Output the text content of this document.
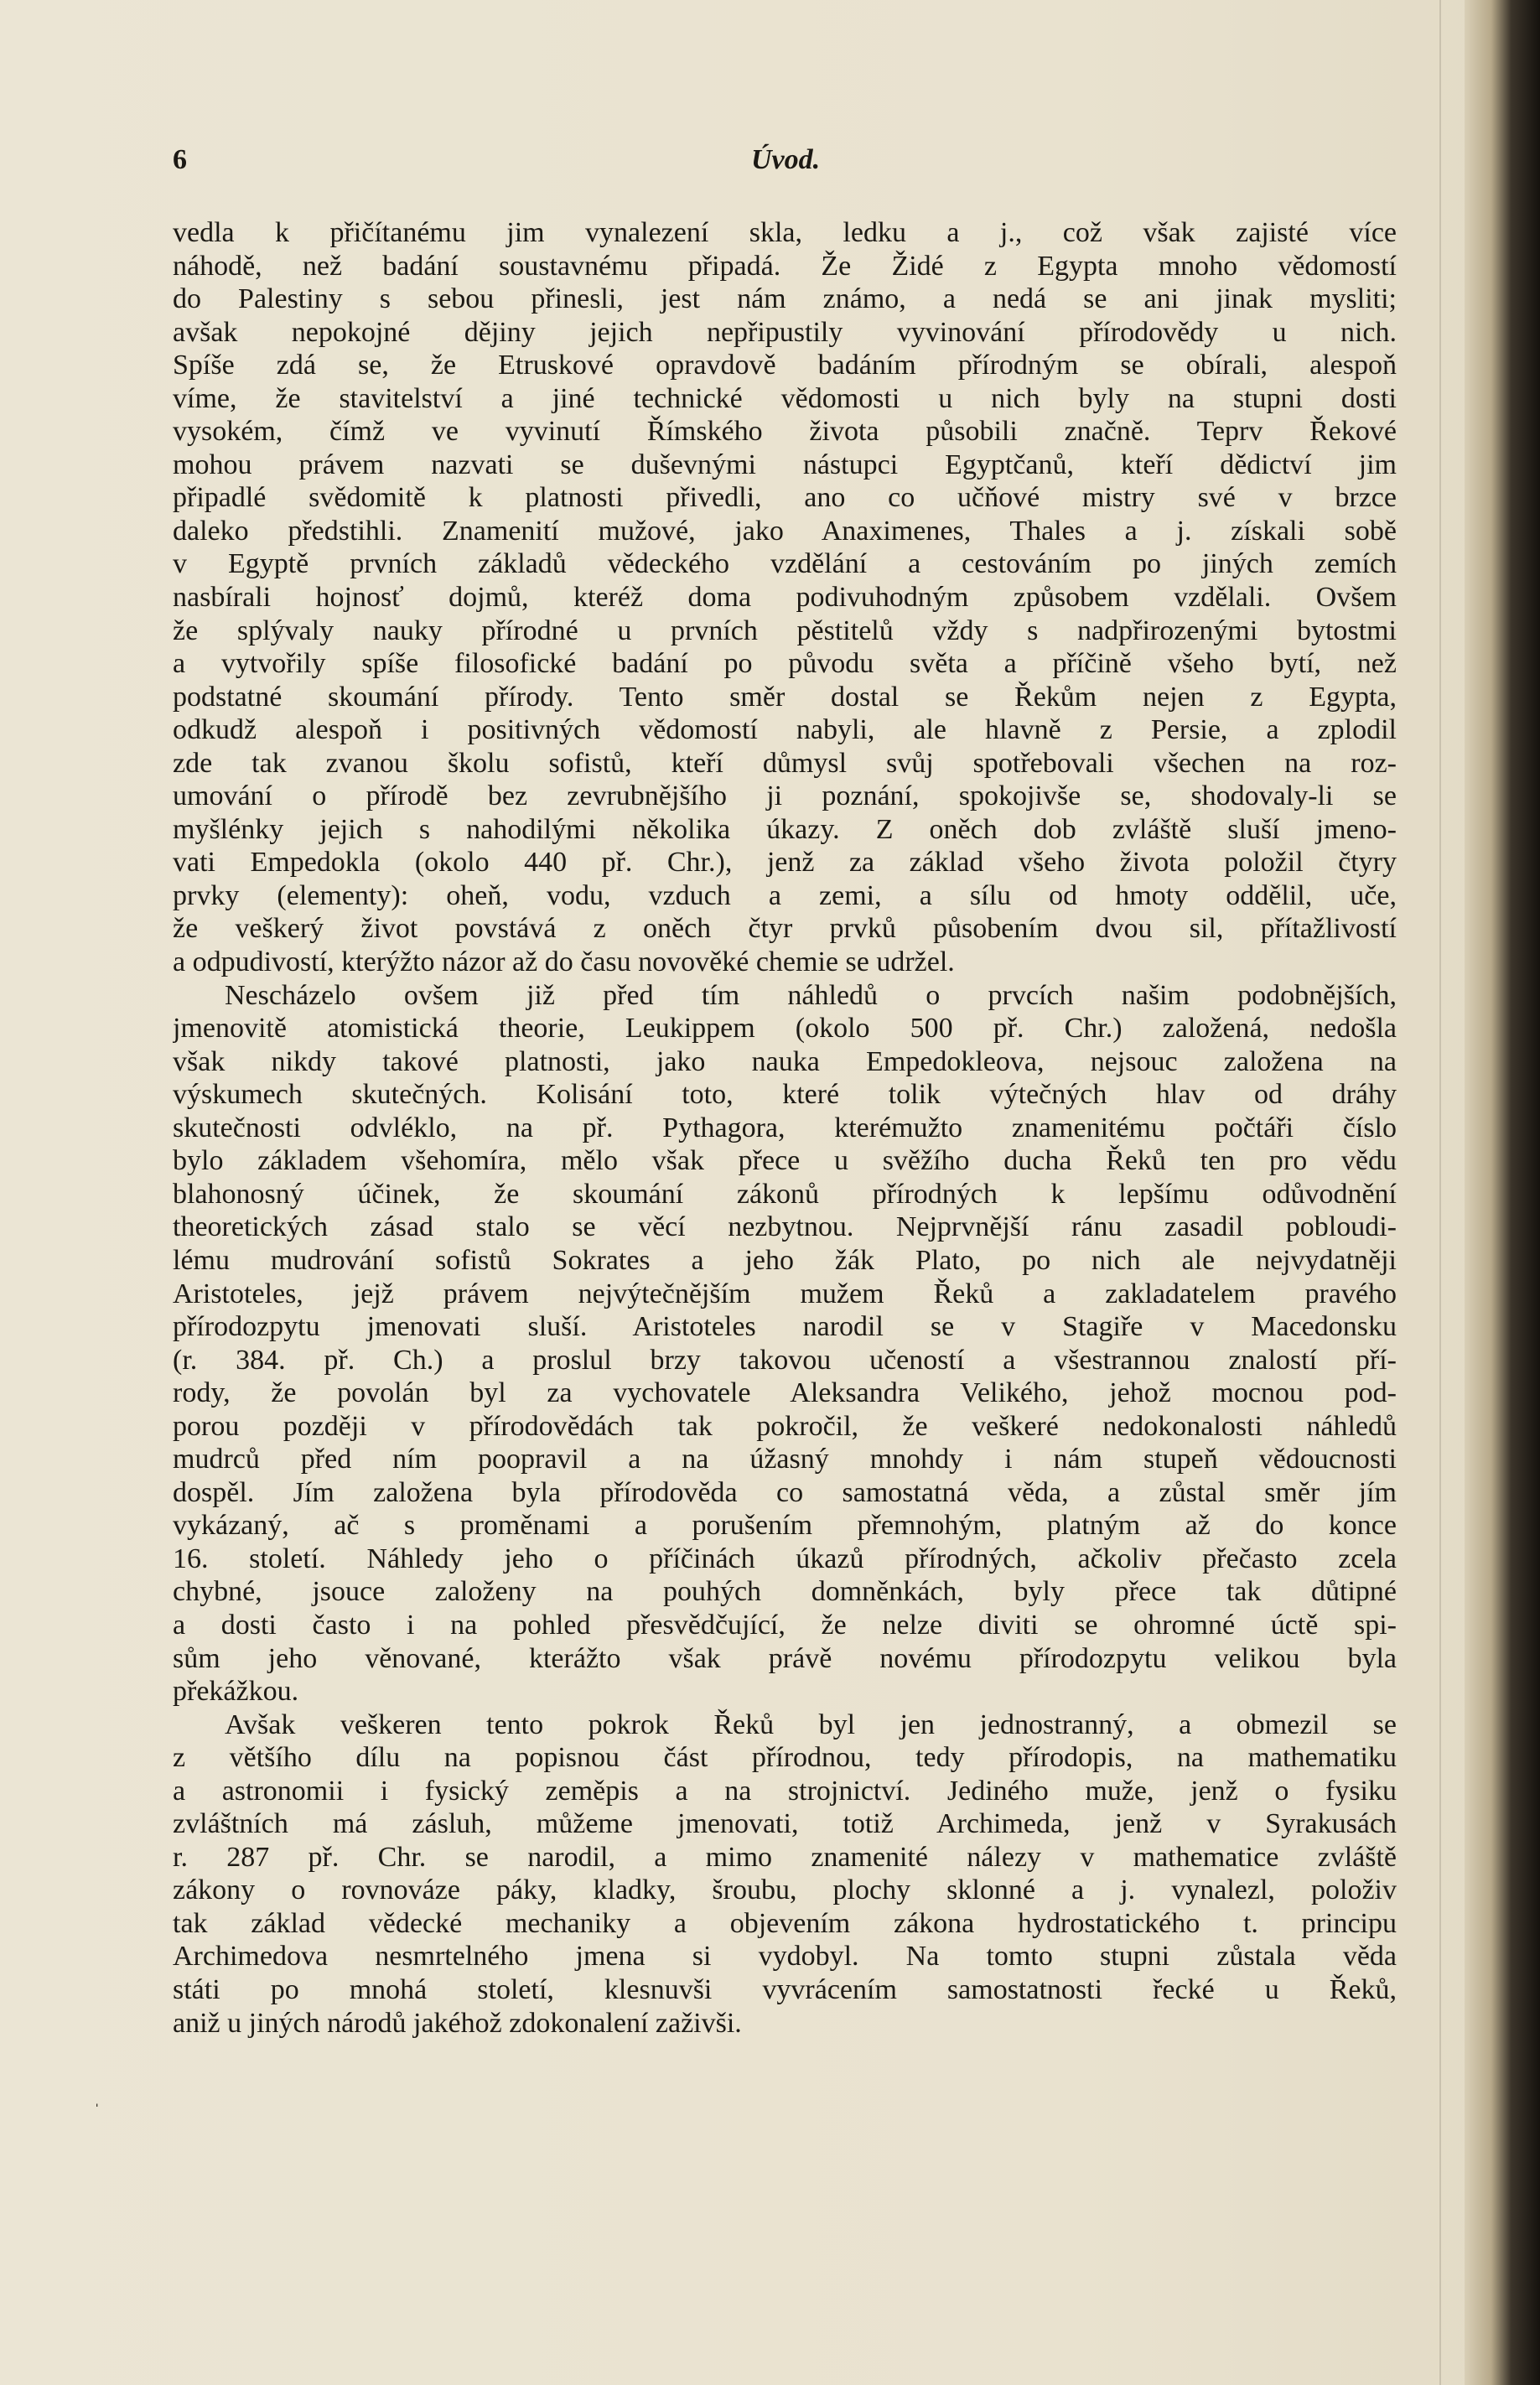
6	Úvod.
ˈ
vedla k přičítanému jim vynalezení skla, ledku a j., což však zajisté více
náhodě, než badání soustavnému připadá. Že Židé z Egypta mnoho vědomostí
do Palestiny s sebou přinesli, jest nám známo, a nedá se ani jinak mysliti;
avšak nepokojné dějiny jejich nepřipustily vyvinování přírodovědy u nich.
Spíše zdá se, že Etruskové opravdově badáním přírodným se obírali, alespoň
víme, že stavitelství a jiné technické vědomosti u nich byly na stupni dosti
vysokém, čímž ve vyvinutí Římského života působili značně. Teprv Řekové
mohou právem nazvati se duševnými nástupci Egyptčanů, kteří dědictví jim
připadlé svědomitě k platnosti přivedli, ano co učňové mistry své v brzce
daleko předstihli. Znamenití mužové, jako Anaximenes, Thales a j. získali sobě
v Egyptě prvních základů vědeckého vzdělání a cestováním po jiných zemích
nasbírali hojnosť dojmů, kteréž doma podivuhodným způsobem vzdělali. Ovšem
že splývaly nauky přírodné u prvních pěstitelů vždy s nadpřirozenými bytostmi
a vytvořily spíše filosofické badání po původu světa a příčině všeho bytí, než
podstatné skoumání přírody. Tento směr dostal se Řekům nejen z Egypta,
odkudž alespoň i positivných vědomostí nabyli, ale hlavně z Persie, a zplodil
zde tak zvanou školu sofistů, kteří důmysl svůj spotřebovali všechen na roz-
umování o přírodě bez zevrubnějšího ji poznání, spokojivše se, shodovaly-li se
myšlénky jejich s nahodilými několika úkazy. Z oněch dob zvláště sluší jmeno-
vati Empedokla (okolo 440 př. Chr.), jenž za základ všeho života položil čtyry
prvky (elementy): oheň, vodu, vzduch a zemi, a sílu od hmoty oddělil, uče,
že veškerý život povstává z oněch čtyr prvků působením dvou sil, přítažlivostí
a odpudivostí, kterýžto názor až do času novověké chemie se udržel.
Nescházelo ovšem již před tím náhledů o prvcích našim podobnějších,
jmenovitě atomistická theorie, Leukippem (okolo 500 př. Chr.) založená, nedošla
však nikdy takové platnosti, jako nauka Empedokleova, nejsouc založena na
výskumech skutečných. Kolisání toto, které tolik výtečných hlav od dráhy
skutečnosti odvléklo, na př. Pythagora, kterémužto znamenitému počtáři číslo
bylo základem všehomíra, mělo však přece u svěžího ducha Řeků ten pro vědu
blahonosný účinek, že skoumání zákonů přírodných k lepšímu odůvodnění
theoretických zásad stalo se věcí nezbytnou. Nejprvnější ránu zasadil pobloudi-
lému mudrování sofistů Sokrates a jeho žák Plato, po nich ale nejvydatněji
Aristoteles, jejž právem nejvýtečnějším mužem Řeků a zakladatelem pravého
přírodozpytu jmenovati sluší. Aristoteles narodil se v Stagiře v Macedonsku
(r. 384. př. Ch.) a proslul brzy takovou učeností a všestrannou znalostí pří-
rody, že povolán byl za vychovatele Aleksandra Velikého, jehož mocnou pod-
porou později v přírodovědách tak pokročil, že veškeré nedokonalosti náhledů
mudrců před ním poopravil a na úžasný mnohdy i nám stupeň vědoucnosti
dospěl. Jím založena byla přírodověda co samostatná věda, a zůstal směr jím
vykázaný, ač s proměnami a porušením přemnohým, platným až do konce
16. století. Náhledy jeho o příčinách úkazů přírodných, ačkoliv přečasto zcela
chybné, jsouce založeny na pouhých domněnkách, byly přece tak důtipné
a dosti často i na pohled přesvědčující, že nelze diviti se ohromné úctě spi-
sům jeho věnované, kterážto však právě novému přírodozpytu velikou byla
překážkou.
Avšak veškeren tento pokrok Řeků byl jen jednostranný, a obmezil se
z většího dílu na popisnou část přírodnou, tedy přírodopis, na mathematiku
a astronomii i fysický zeměpis a na strojnictví. Jediného muže, jenž o fysiku
zvláštních má zásluh, můžeme jmenovati, totiž Archimeda, jenž v Syrakusách
r. 287 př. Chr. se narodil, a mimo znamenité nálezy v mathematice zvláště
zákony o rovnováze páky, kladky, šroubu, plochy sklonné a j. vynalezl, položiv
tak základ vědecké mechaniky a objevením zákona hydrostatického t. principu
Archimedova nesmrtelného jmena si vydobyl. Na tomto stupni zůstala věda
státi po mnohá století, klesnuvši vyvrácením samostatnosti řecké u Řeků,
aniž u jiných národů jakéhož zdokonalení zaživši.
